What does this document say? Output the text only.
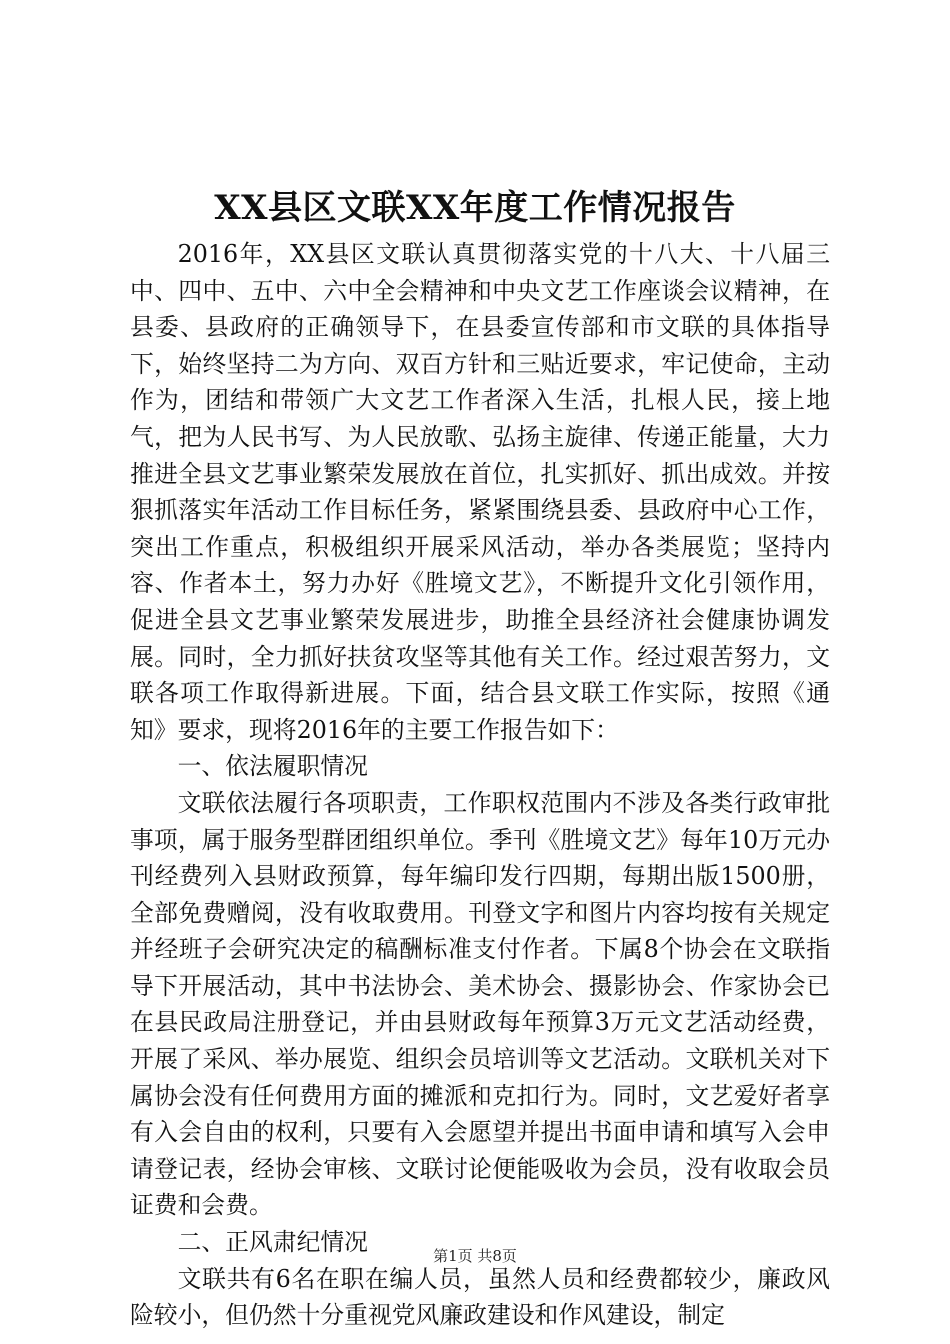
XX县区文联XX年度工作情况报告

2016年，XX县区文联认真贯彻落实党的十八大、十八届三中、四中、五中、六中全会精神和中央文艺工作座谈会议精神，在县委、县政府的正确领导下，在县委宣传部和市文联的具体指导下，始终坚持二为方向、双百方针和三贴近要求，牢记使命，主动作为，团结和带领广大文艺工作者深入生活，扎根人民，接上地气，把为人民书写、为人民放歌、弘扬主旋律、传递正能量，大力推进全县文艺事业繁荣发展放在首位，扎实抓好、抓出成效。并按狠抓落实年活动工作目标任务，紧紧围绕县委、县政府中心工作，突出工作重点，积极组织开展采风活动，举办各类展览；坚持内容、作者本土，努力办好《胜境文艺》，不断提升文化引领作用，促进全县文艺事业繁荣发展进步，助推全县经济社会健康协调发展。同时，全力抓好扶贫攻坚等其他有关工作。经过艰苦努力，文联各项工作取得新进展。下面，结合县文联工作实际，按照《通知》要求，现将2016年的主要工作报告如下：

一、依法履职情况

文联依法履行各项职责，工作职权范围内不涉及各类行政审批事项，属于服务型群团组织单位。季刊《胜境文艺》每年10万元办刊经费列入县财政预算，每年编印发行四期，每期出版1500册，全部免费赠阅，没有收取费用。刊登文字和图片内容均按有关规定并经班子会研究决定的稿酬标准支付作者。下属8个协会在文联指导下开展活动，其中书法协会、美术协会、摄影协会、作家协会已在县民政局注册登记，并由县财政每年预算3万元文艺活动经费，开展了采风、举办展览、组织会员培训等文艺活动。文联机关对下属协会没有任何费用方面的摊派和克扣行为。同时，文艺爱好者享有入会自由的权利，只要有入会愿望并提出书面申请和填写入会申请登记表，经协会审核、文联讨论便能吸收为会员，没有收取会员证费和会费。

二、正风肃纪情况

文联共有6名在职在编人员，虽然人员和经费都较少，廉政风险较小，但仍然十分重视党风廉政建设和作风建设，制定

第1页 共8页
